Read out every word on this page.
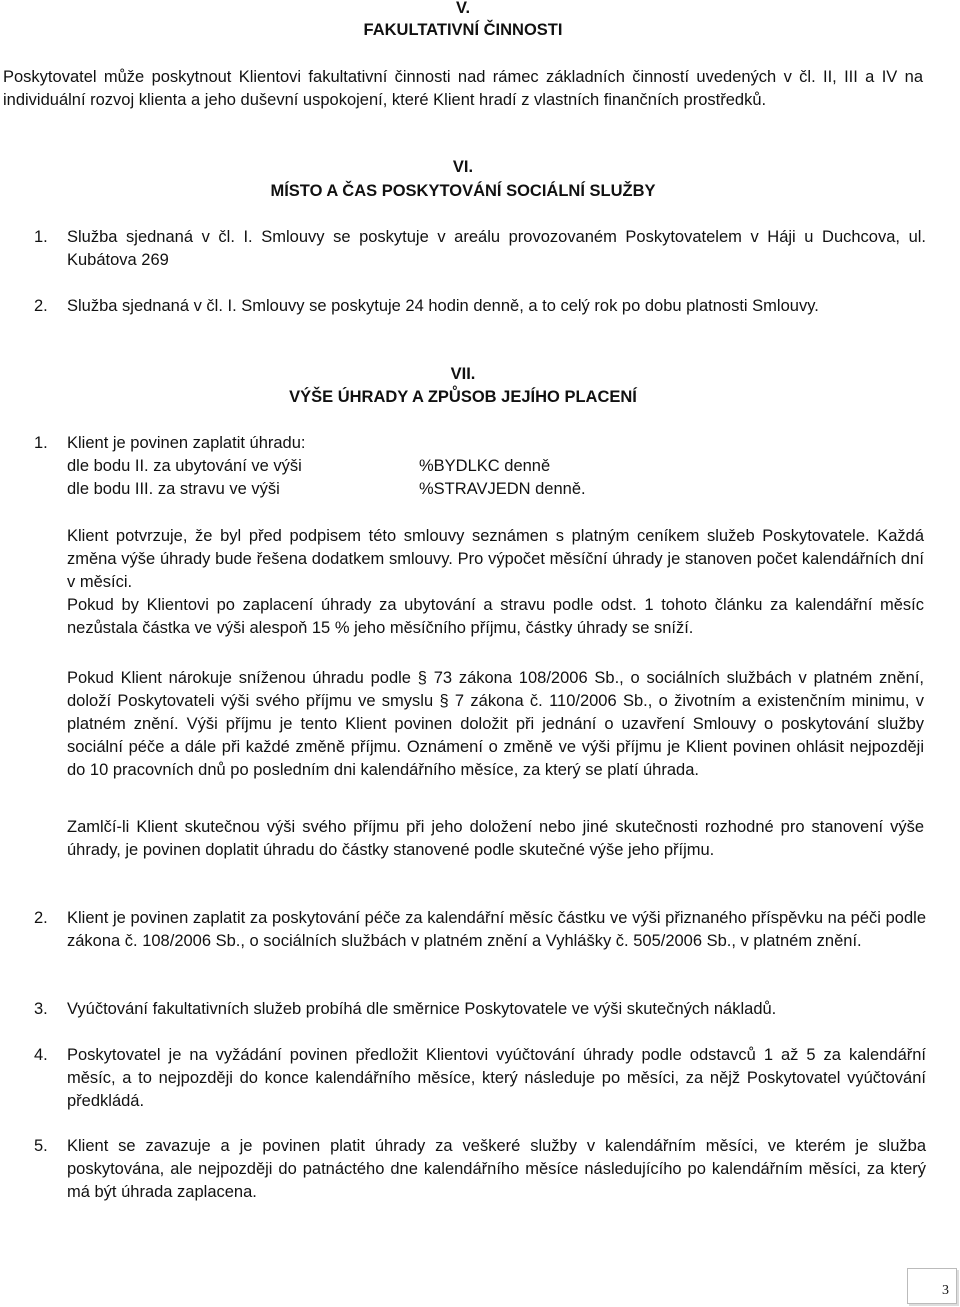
V.
FAKULTATIVNÍ ČINNOSTI
Poskytovatel může poskytnout Klientovi fakultativní činnosti nad rámec základních činností uvedených v čl. II, III a IV na individuální rozvoj klienta a jeho duševní uspokojení, které Klient hradí z vlastních finančních prostředků.
VI.
MÍSTO A ČAS POSKYTOVÁNÍ SOCIÁLNÍ SLUŽBY
1.	Služba sjednaná v čl. I. Smlouvy se poskytuje v areálu provozovaném Poskytovatelem v Háji u Duchcova, ul. Kubátova 269
2.	Služba sjednaná v čl. I. Smlouvy se poskytuje 24 hodin denně, a to celý rok po dobu platnosti Smlouvy.
VII.
VÝŠE ÚHRADY A ZPŮSOB JEJÍHO PLACENÍ
1.	Klient je povinen zaplatit úhradu:
dle bodu II. za ubytování ve výši	%BYDLKC denně
dle bodu III. za stravu ve výši	%STRAVJEDN denně.
Klient potvrzuje, že byl před podpisem této smlouvy seznámen s platným ceníkem služeb Poskytovatele. Každá změna výše úhrady bude řešena dodatkem smlouvy. Pro výpočet měsíční úhrady je stanoven počet kalendářních dní v měsíci.
Pokud by Klientovi po zaplacení úhrady za ubytování a stravu podle odst. 1 tohoto článku za kalendářní měsíc nezůstala částka ve výši alespoň 15 % jeho měsíčního příjmu, částky úhrady se sníží.
Pokud Klient nárokuje sníženou úhradu podle § 73 zákona 108/2006 Sb., o sociálních službách v platném znění, doloží Poskytovateli výši svého příjmu ve smyslu § 7 zákona č. 110/2006 Sb., o životním a existenčním minimu, v platném znění. Výši příjmu je tento Klient povinen doložit při jednání o uzavření Smlouvy o poskytování služby sociální péče a dále při každé změně příjmu. Oznámení o změně ve výši příjmu je Klient povinen ohlásit nejpozději do 10 pracovních dnů po posledním dni kalendářního měsíce, za který se platí úhrada.
Zamlčí-li Klient skutečnou výši svého příjmu při jeho doložení nebo jiné skutečnosti rozhodné pro stanovení výše úhrady, je povinen doplatit úhradu do částky stanovené podle skutečné výše jeho příjmu.
2.	Klient je povinen zaplatit za poskytování péče za kalendářní měsíc částku ve výši přiznaného příspěvku na péči podle zákona č. 108/2006 Sb., o sociálních službách v platném znění a Vyhlášky č. 505/2006 Sb., v platném znění.
3.	Vyúčtování fakultativních služeb probíhá dle směrnice Poskytovatele ve výši skutečných nákladů.
4.	Poskytovatel je na vyžádání povinen předložit Klientovi vyúčtování úhrady podle odstavců 1 až 5 za kalendářní měsíc, a to nejpozději do konce kalendářního měsíce, který následuje po měsíci, za nějž Poskytovatel vyúčtování předkládá.
5.	Klient se zavazuje a je povinen platit úhrady za veškeré služby v kalendářním měsíci, ve kterém je služba poskytována, ale nejpozději do patnáctého dne kalendářního měsíce následujícího po kalendářním měsíci, za který má být úhrada zaplacena.
3
